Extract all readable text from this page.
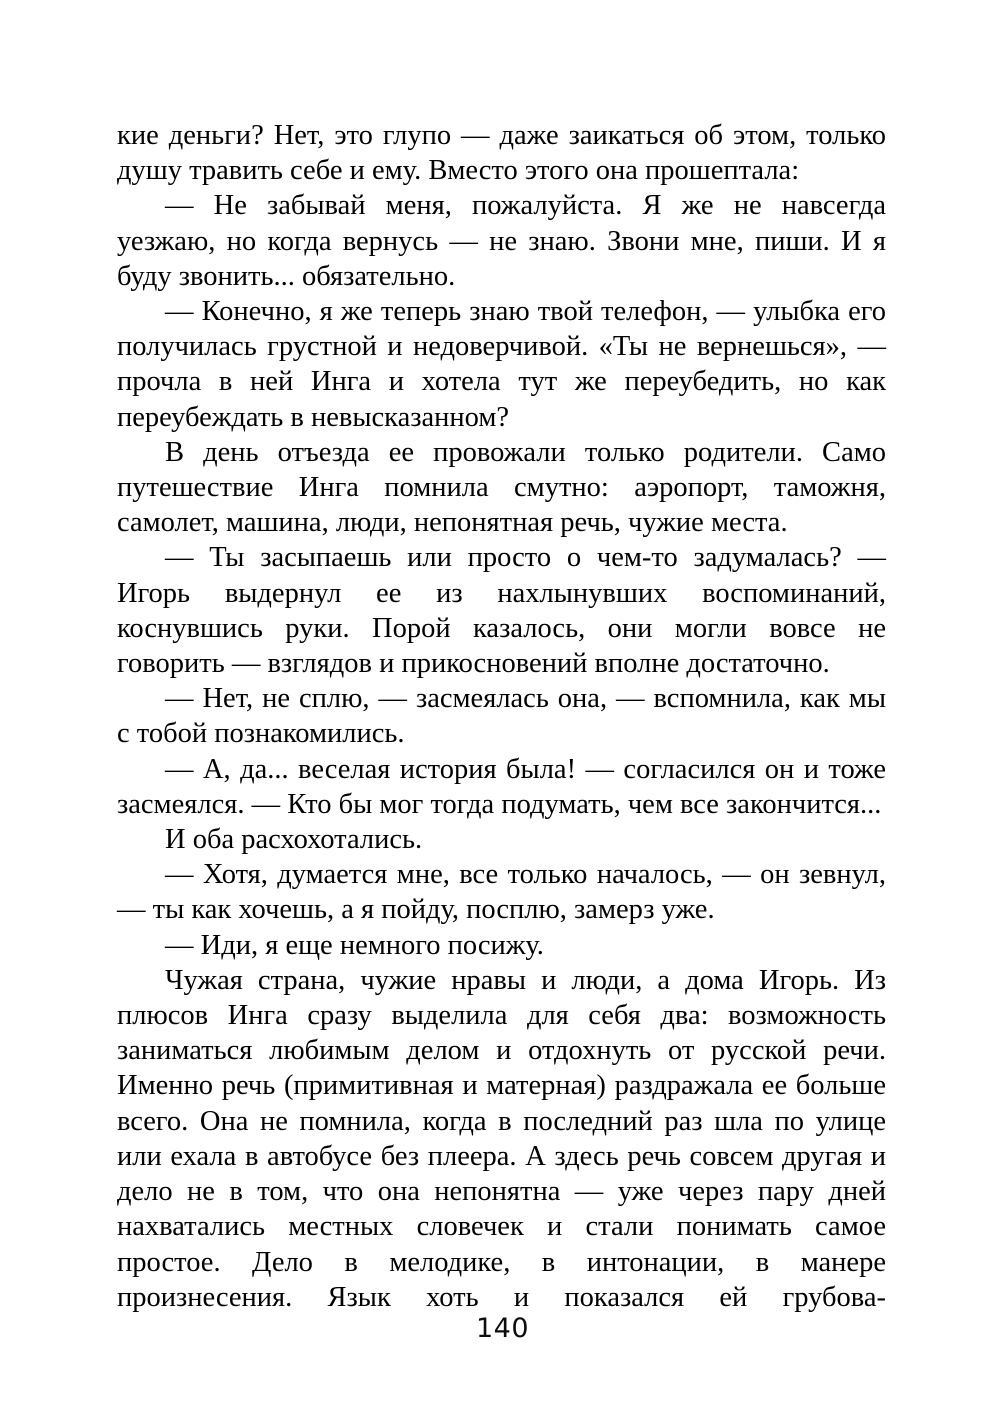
кие деньги? Нет, это глупо — даже заикаться об этом, только душу травить себе и ему. Вместо этого она прошептала:

— Не забывай меня, пожалуйста. Я же не навсегда уезжаю, но когда вернусь — не знаю. Звони мне, пиши. И я буду звонить... обязательно.

— Конечно, я же теперь знаю твой телефон, — улыбка его получилась грустной и недоверчивой. «Ты не вернешься», — прочла в ней Инга и хотела тут же переубедить, но как переубеждать в невысказанном?

В день отъезда ее провожали только родители. Само путешествие Инга помнила смутно: аэропорт, таможня, самолет, машина, люди, непонятная речь, чужие места.

— Ты засыпаешь или просто о чем-то задумалась? — Игорь выдернул ее из нахлынувших воспоминаний, коснувшись руки. Порой казалось, они могли вовсе не говорить — взглядов и прикосновений вполне достаточно.

— Нет, не сплю, — засмеялась она, — вспомнила, как мы с тобой познакомились.

— А, да... веселая история была! — согласился он и тоже засмеялся. — Кто бы мог тогда подумать, чем все закончится...

И оба расхохотались.

— Хотя, думается мне, все только началось, — он зевнул, — ты как хочешь, а я пойду, посплю, замерз уже.

— Иди, я еще немного посижу.

Чужая страна, чужие нравы и люди, а дома Игорь. Из плюсов Инга сразу выделила для себя два: возможность заниматься любимым делом и отдохнуть от русской речи. Именно речь (примитивная и матерная) раздражала ее больше всего. Она не помнила, когда в последний раз шла по улице или ехала в автобусе без плеера. А здесь речь совсем другая и дело не в том, что она непонятна — уже через пару дней нахватались местных словечек и стали понимать самое простое. Дело в мелодике, в интонации, в манере произнесения. Язык хоть и показался ей грубова-

140
